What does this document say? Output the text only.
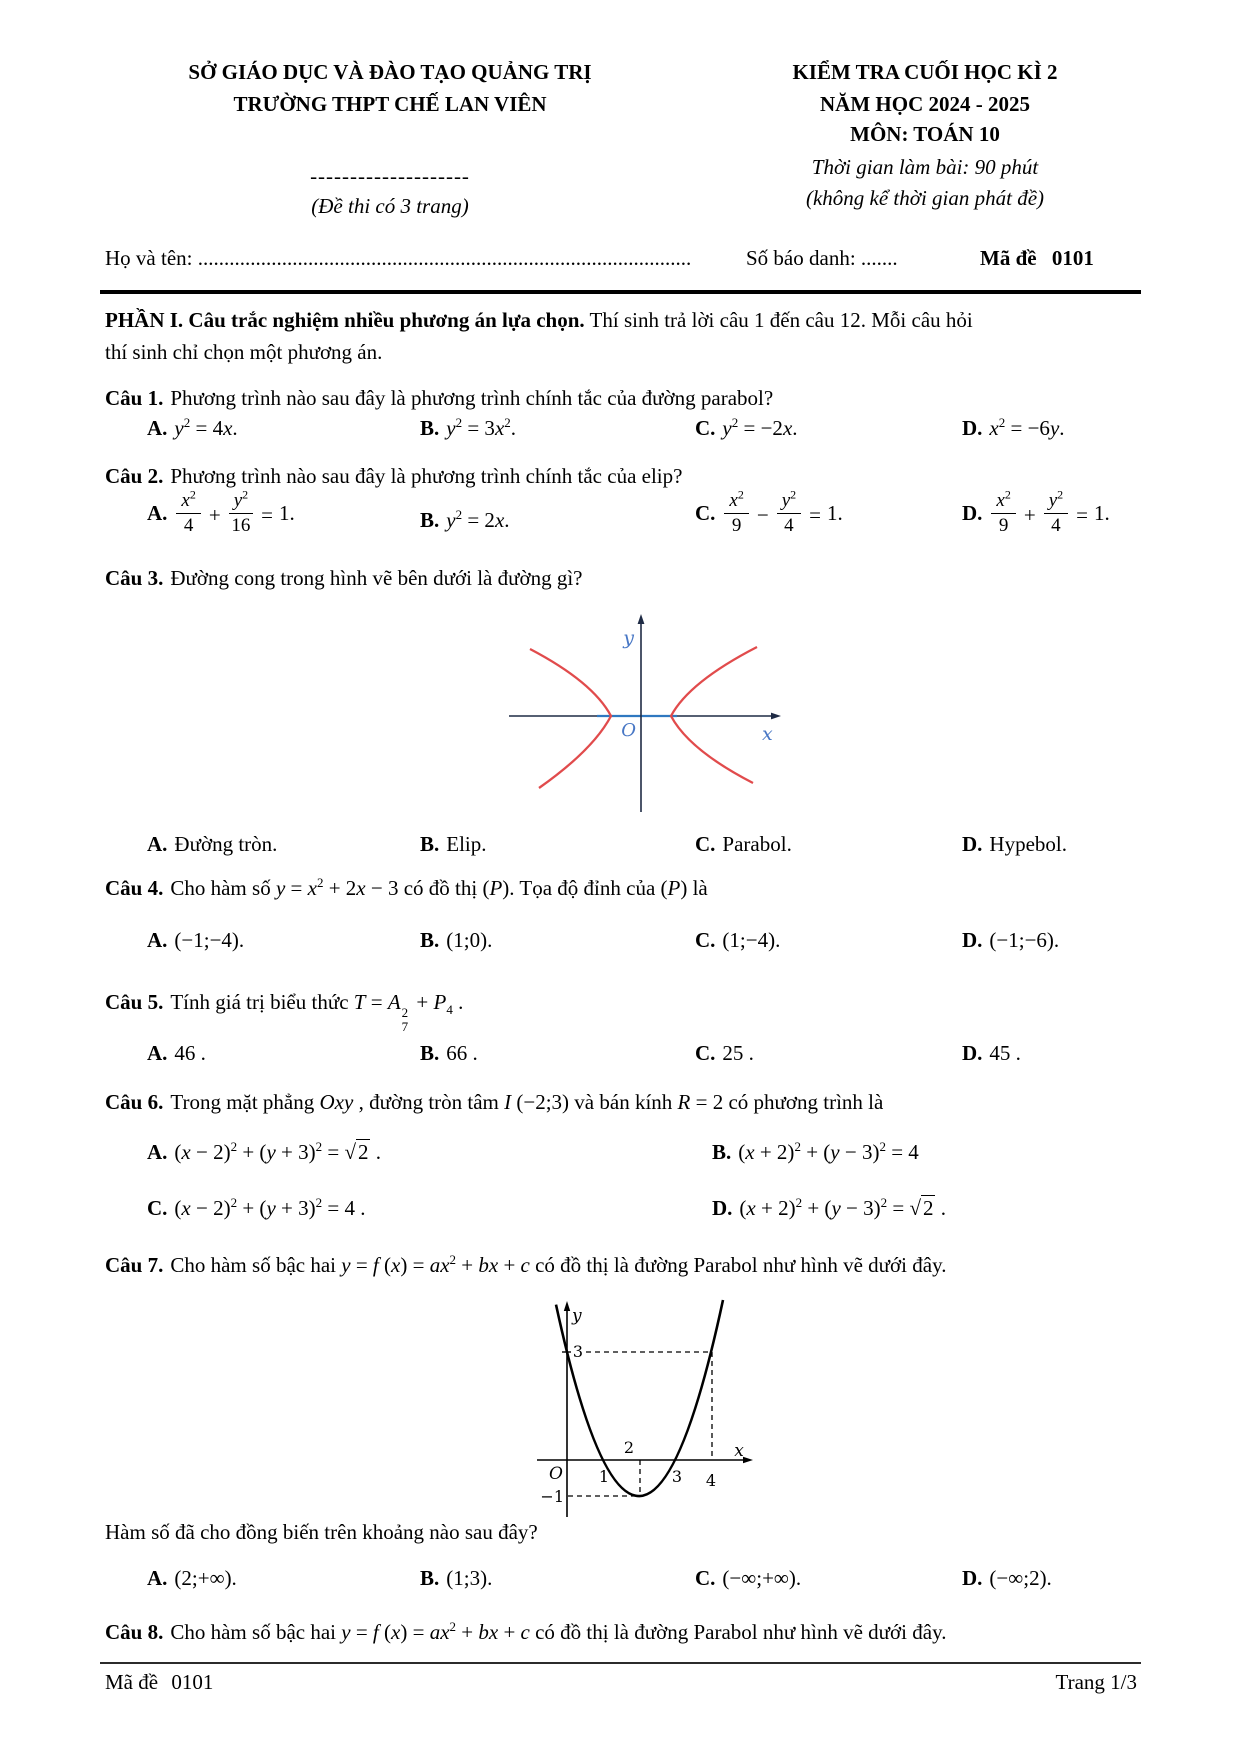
SỞ GIÁO DỤC VÀ ĐÀO TẠO QUẢNG TRỊ
TRƯỜNG THPT CHẾ LAN VIÊN
--------------------
(Đề thi có 3 trang)
KIỂM TRA CUỐI HỌC KÌ 2
NĂM HỌC 2024 - 2025
MÔN: TOÁN 10
Thời gian làm bài: 90 phút
(không kể thời gian phát đề)
Họ và tên: ..............................................................................................	Số báo danh: .......	Mã đề 0101
PHẦN I. Câu trắc nghiệm nhiều phương án lựa chọn. Thí sinh trả lời câu 1 đến câu 12. Mỗi câu hỏi
thí sinh chỉ chọn một phương án.
Câu 1. Phương trình nào sau đây là phương trình chính tắc của đường parabol?
A. $y^2 = 4x$.	B. $y^2 = 3x^2$.	C. $y^2 = -2x$.	D. $x^2 = -6y$.
Câu 2. Phương trình nào sau đây là phương trình chính tắc của elip?
A. $\frac{x^2}{4} + \frac{y^2}{16} = 1$.	B. $y^2 = 2x$.	C. $\frac{x^2}{9} - \frac{y^2}{4} = 1$.	D. $\frac{x^2}{9} + \frac{y^2}{4} = 1$.
Câu 3. Đường cong trong hình vẽ bên dưới là đường gì?
y
O	x
A. Đường tròn.	B. Elip.	C. Parabol.	D. Hypebol.
Câu 4. Cho hàm số $y = x^2 + 2x - 3$ có đồ thị (P). Tọa độ đỉnh của (P) là
A. (−1;−4).	B. (1;0).	C. (1;−4).	D. (−1;−6).
Câu 5. Tính giá trị biểu thức T = A 2
7
+ $P_4$ .
A. 46 .	B. 66 .	C. 25 .	D. 45 .
Câu 6. Trong mặt phẳng Oxy , đường tròn tâm I (−2;3) và bán kính R = 2 có phương trình là
A. $(x - 2)^2 + (y + 3)^2 = √2$ .	B. $(x + 2)^2 + (y - 3)^2 = 4$
C. $(x - 2)^2 + (y + 3)^2 = 4$ .	D. $(x + 2)^2 + (y - 3)^2 = √2$ .
Câu 7. Cho hàm số bậc hai y = f $(x) = ax^2$ + bx + c có đồ thị là đường Parabol như hình vẽ dưới đây.
3
−1
O 1
2
3 4
y
x
Hàm số đã cho đồng biến trên khoảng nào sau đây?
A. (2;+∞).	B. (1;3).	C. (−∞;+∞).	D. (−∞;2).
Câu 8. Cho hàm số bậc hai y = f $(x) = ax^2$ + bx + c có đồ thị là đường Parabol như hình vẽ dưới đây.
Mã đề 0101	Trang 1/3
